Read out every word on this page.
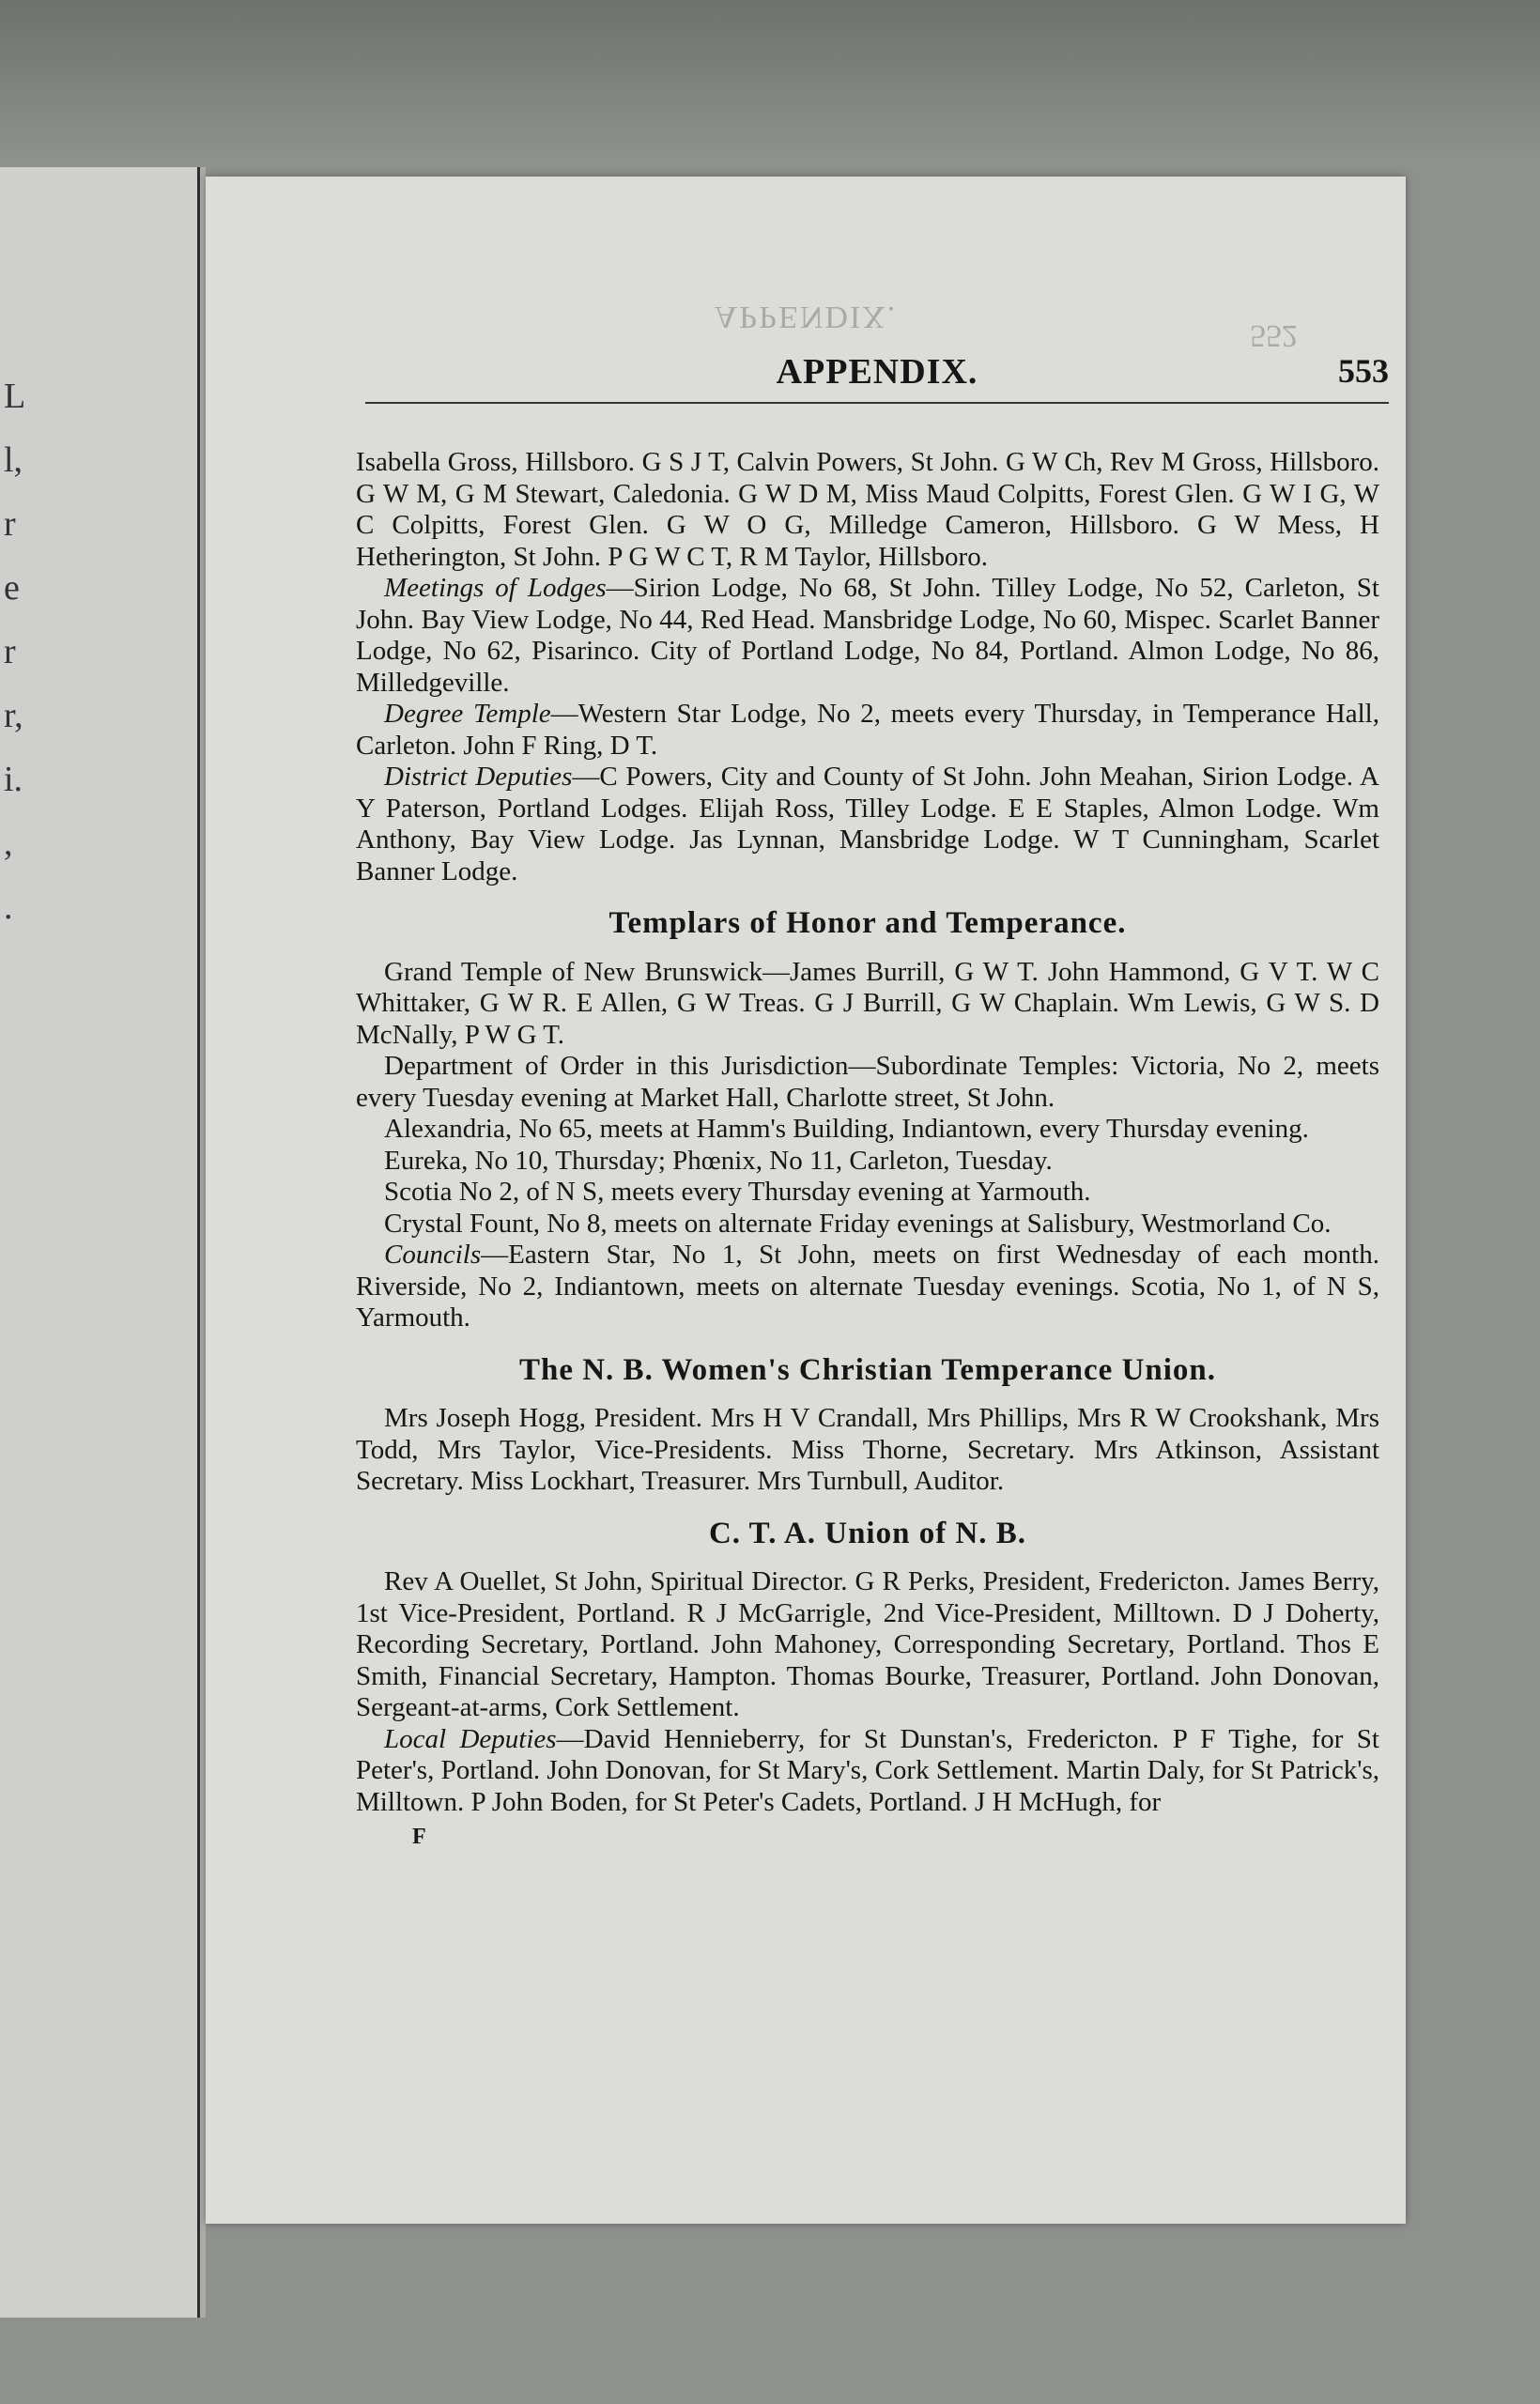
L
l,
r
e
r
r,
i.
,
.
APPENDIX.
552
APPENDIX.	553

Isabella Gross, Hillsboro. G S J T, Calvin Powers, St John. G W Ch, Rev M Gross, Hillsboro. G W M, G M Stewart, Caledonia. G W D M, Miss Maud Colpitts, Forest Glen. G W I G, W C Colpitts, Forest Glen. G W O G, Milledge Cameron, Hillsboro. G W Mess, H Hetherington, St John. P G W C T, R M Taylor, Hillsboro.

Meetings of Lodges—Sirion Lodge, No 68, St John. Tilley Lodge, No 52, Carleton, St John. Bay View Lodge, No 44, Red Head. Mansbridge Lodge, No 60, Mispec. Scarlet Banner Lodge, No 62, Pisarinco. City of Portland Lodge, No 84, Portland. Almon Lodge, No 86, Milledgeville.

Degree Temple—Western Star Lodge, No 2, meets every Thursday, in Temperance Hall, Carleton. John F Ring, D T.

District Deputies—C Powers, City and County of St John. John Meahan, Sirion Lodge. A Y Paterson, Portland Lodges. Elijah Ross, Tilley Lodge. E E Staples, Almon Lodge. Wm Anthony, Bay View Lodge. Jas Lynnan, Mansbridge Lodge. W T Cunningham, Scarlet Banner Lodge.

Templars of Honor and Temperance.

Grand Temple of New Brunswick—James Burrill, G W T. John Hammond, G V T. W C Whittaker, G W R. E Allen, G W Treas. G J Burrill, G W Chaplain. Wm Lewis, G W S. D McNally, P W G T.

Department of Order in this Jurisdiction—Subordinate Temples: Victoria, No 2, meets every Tuesday evening at Market Hall, Charlotte street, St John.

Alexandria, No 65, meets at Hamm's Building, Indiantown, every Thursday evening.

Eureka, No 10, Thursday; Phœnix, No 11, Carleton, Tuesday.

Scotia No 2, of N S, meets every Thursday evening at Yarmouth.

Crystal Fount, No 8, meets on alternate Friday evenings at Salisbury, Westmorland Co.

Councils—Eastern Star, No 1, St John, meets on first Wednesday of each month. Riverside, No 2, Indiantown, meets on alternate Tuesday evenings. Scotia, No 1, of N S, Yarmouth.

The N. B. Women's Christian Temperance Union.

Mrs Joseph Hogg, President. Mrs H V Crandall, Mrs Phillips, Mrs R W Crookshank, Mrs Todd, Mrs Taylor, Vice-Presidents. Miss Thorne, Secretary. Mrs Atkinson, Assistant Secretary. Miss Lockhart, Treasurer. Mrs Turnbull, Auditor.

C. T. A. Union of N. B.

Rev A Ouellet, St John, Spiritual Director. G R Perks, President, Fredericton. James Berry, 1st Vice-President, Portland. R J McGarrigle, 2nd Vice-President, Milltown. D J Doherty, Recording Secretary, Portland. John Mahoney, Corresponding Secretary, Portland. Thos E Smith, Financial Secretary, Hampton. Thomas Bourke, Treasurer, Portland. John Donovan, Sergeant-at-arms, Cork Settlement.

Local Deputies—David Hennieberry, for St Dunstan's, Fredericton. P F Tighe, for St Peter's, Portland. John Donovan, for St Mary's, Cork Settlement. Martin Daly, for St Patrick's, Milltown. P John Boden, for St Peter's Cadets, Portland. J H McHugh, for

F
